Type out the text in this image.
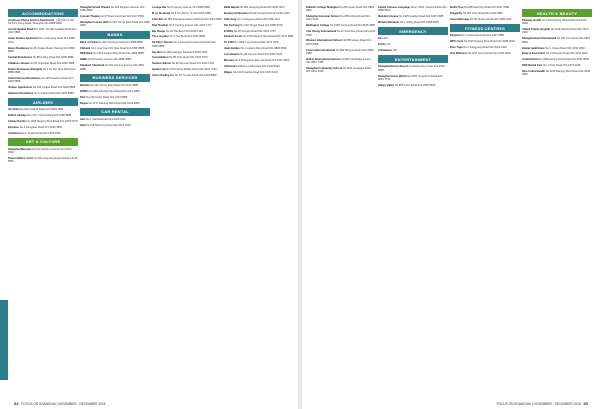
ACCOMMODATIONS
Anyhouse Phone Service Apartments 上海市 Rm 1715, No.8 Pu Dong Road, Shanghai 021-6888 2828
Ascott Huaihai Road Rm 1001, No.282 Huaihai Road 021-2321 5888
Asian Service Apartment No.1 Gaoyang Road 021-6598 2210
Bravo Residence No.25 Jinqiao Road, Pudong 021-5836 8800
Central Residences No.88 Anding Road 021-6256 6888
Citadines Jinqiao No.55 Xinjinqiao Road 021-2020 3888
Fraser Residence Shanghai No.1 Pu Hui Tang Road 021-6888 0888
Grand Service Residences No.199 Huashan Road 021-6248 5888
Jinqiao Apartments No.333 Jinqiao Road 021-5030 8888
Oakwood Residence No.2 Jinqiao Road 021-6169 8888
AIRLINES
Air China No.600 Huaihai Road 021-9519 5880
British Airways Rm 703, Centre Plaza 021-6386 8888
Cathay Pacific No.1168 Nanjing West Road 021-6375 6375
Emirates No.3 Hongqiao Road 021-3222 3800
Lufthansa No.1 Jinqiao Road 021-5352 4999
ART & CULTURE
Shanghai Museum No.201 People's Avenue 021-6372 3500
Power Station of Art No.200 Huayuangang Road 021-3110 8550
Shanghai Grand Theatre No.300 People's Avenue 021-6386 8686
Lyceum Theatre No.57 Maoming Road 021-6217 8539
Shanghai Concert Hall No.523 Yan'an East Road 021-6386 2836
BANKS
Bank of China No.200 Yincheng Road 021-3888 8800
Citibank No.1 Hua Yuan Shi Qiao Road 021-6800 8888
DBS Bank No.1318 Lujiazui Ring Road 021-3896 8888
HSBC No.8 Century Avenue 021-3888 3888
Standard Chartered No.201 Century Avenue 021-3851 5888
BUSINESS SERVICES
Deloitte No.222 Yan'an East Road 021-6141 8888
KPMG No.1266 Nanjing West Road 021-2212 2888
PwC No.202 Hubin Road 021-2323 8888
Regus No.1717 Nanjing West Road 021-6103 2800
CAR RENTAL
Avis No.1 Xianxia Road 021-6229 1119
Hertz No.58 Maoming Road 021-6215 1000
Lounge Bar No.8 Century Avenue 021-5888 9999
M on the Bund No.5 The Bund, 7F 021-6350 9988
Char Bar No.585 Zhongshan East 2nd Road 021-3302 9995
Flair Rooftop No.8 Century Avenue 021-2020 1717
Bar Rouge No.18 The Bund 021-6339 1199
The Long Bar No.2 The Bund 021-6322 9988
Sir Elly's Terrace No.1 Zhongshan East 2nd Road 021-5308 9888
Vue Bar No.199 Huangpu Road 021-6393 1234
Constellation No.86 Xinle Road 021-5404 0970
Senator Saloon No.98 Wuyuan Road 021-5423 1330
Speak Low No.579 Fuxing Middle Road 021-6416 0133
Union Trading Co. No.64 Yuyuan Road 021-6418 8869
Bella Napoli No.589 Jiangning Road 021-6255 6607
Boxing Cat Brewery No.82 Fuxing Road 021-6431 2091
Cafe Gray No.1 Xiangyang Road 021-5466 1111
Din Tai Fung No.123 Xingye Road 021-6385 8378
El Willy No.20 Donghu Road 021-5404 5757
Element Fresh No.1376 Nanjing West Road 021-6279 8682
Fu 1039 No.1039 Yuyuan Road 021-5237 1878
Jade Garden No.1 Lujiazui Ring Road 021-5882 5899
Lost Heaven No.38 Gaoyou Road 021-6433 5126
Mercato No.6 Zhongshan East 1st Road 021-6321 9922
Ultraviolet Address undisclosed 021-6142 5198
Wagas No.1318 Huaihai Road 021-5403 6218
Dulwich College Shanghai No.266 Lanan Road 021-5899 9910
Shanghai American School No.258 Jinfeng Road 021-6221 1445
Wellington College No.1500 Yaolong Road 021-5185 3885
Yew Chung International No.11 Shuicheng Road 021-2226 7666
Western International School No.555 Huaxu Road 021-6976 6388
Concordia International No.999 Mingyue Road 021-5899 0380
British International School No.600 Cambridge Forest 021-5812 7455
Shanghai Community School No.1161 Hongqiao Road 021-6261 4338
Family Chinese Language Room 2502, Yanlord Plaza 021-6888 5300
Mandarin House No.1325 Huaihai Road 021-6467 8088
Miracle Mandarin No.1 Jinling Road 021-6258 8208
EMERGENCY
Fire 119
Police 110
Ambulance 120
ENTERTAINMENT
Shanghai Disney Resort Chuansha New Town 021-2025 8888
Shanghai Circus World No.2266 Gonghexin Road 021-6652 7750
Happy Valley No.888 Linhu Road 021-3355 5555
Bodhi Tree No.188 Maoming Road 021-6437 0688
Dragonfly No.206 Xinle Road 021-5403 9982
Green Massage No.58 Taicang Road 021-5386 0222
FITNESS CENTRES
Physical No.1 Wulumuqi Road 021-6437 5880
Will's Gym No.1515 Nanjing West Road 021-6288 0020
Pure Yoga No.1 Xiangyang Road 021-6322 9322
One Wellness No.1157 Fuxing Road 021-6436 0001
HEALTH & BEAUTY
Parkway Health No.1376 Nanjing West Road 021-6445 5999
United Family Hospital No.1139 Xianxia Road 021-2216 3900
Shanghai East International No.150 Jimo Road 021-5879 9999
Global HealthCare No.1 Jinqiao Road 021-5030 0099
Body & Soul Clinic No.14 Donghu Road 021-5101 9262
Arrail Dental No.1168 Nanjing West Road 021-5292 5500
DDS Dental Care No.1 Xinle Road 021-6473 4188
Sino United Health No.1168 Nanjing West Road 021-6240 0800
84 FOCUS ON SHANGHAI | NOVEMBER - DECEMBER 2016	FOCUS ON SHANGHAI | NOVEMBER - DECEMBER 2016 85
